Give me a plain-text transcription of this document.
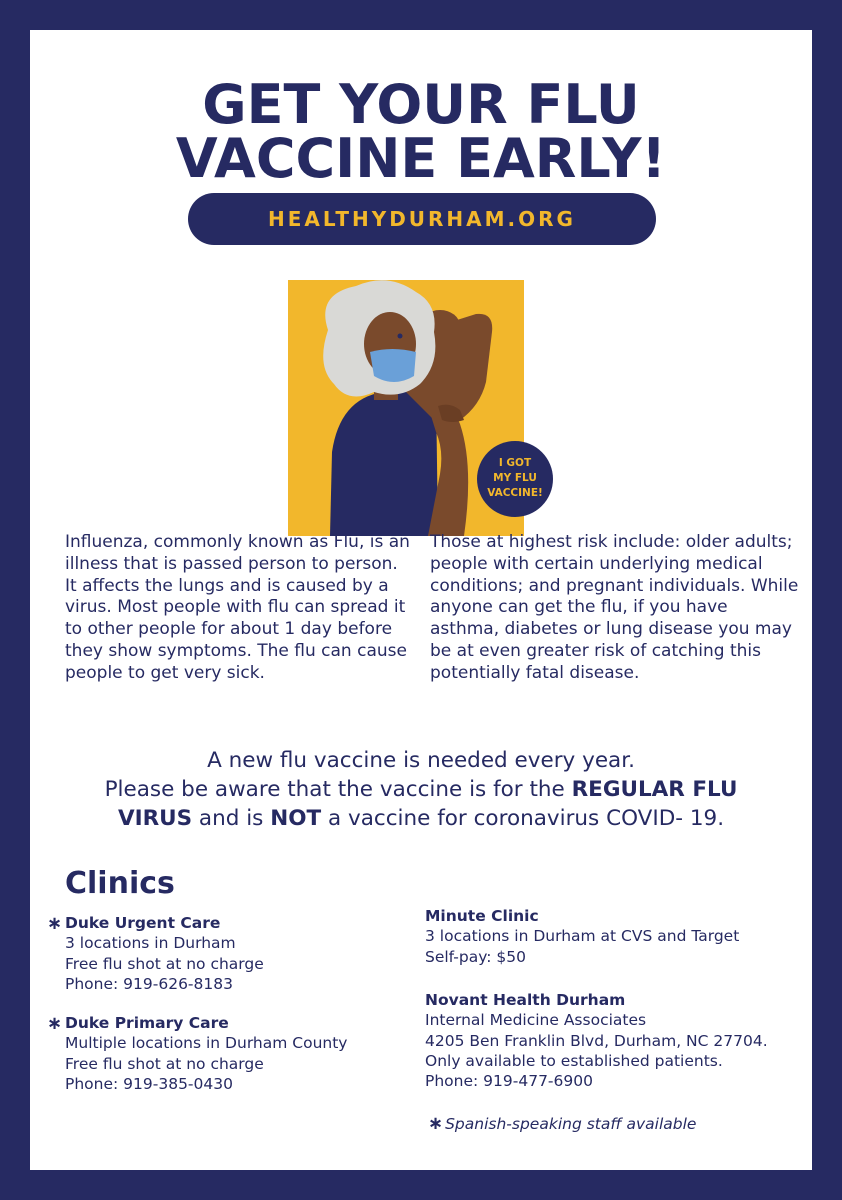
GET YOUR FLU
VACCINE EARLY!
HEALTHYDURHAM.ORG
I GOT
MY FLU
VACCINE!
Influenza, commonly known as Flu, is an illness that is passed person to person. It affects the lungs and is caused by a virus. Most people with flu can spread it to other people for about 1 day before they show symptoms. The flu can cause people to get very sick.
Those at highest risk include: older adults; people with certain underlying medical conditions; and pregnant individuals. While anyone can get the flu, if you have asthma, diabetes or lung disease you may be at even greater risk of catching this potentially fatal disease.
A new flu vaccine is needed every year.
Please be aware that the vaccine is for the REGULAR FLU
VIRUS and is NOT a vaccine for coronavirus COVID- 19.
Clinics
∗ Duke Urgent Care
3 locations in Durham
Free flu shot at no charge
Phone: 919-626-8183
∗ Duke Primary Care
Multiple locations in Durham County
Free flu shot at no charge
Phone: 919-385-0430
Minute Clinic
3 locations in Durham at CVS and Target
Self-pay: $50
Novant Health Durham
Internal Medicine Associates
4205 Ben Franklin Blvd, Durham, NC 27704.
Only available to established patients.
Phone: 919-477-6900
∗ Spanish-speaking staff available
